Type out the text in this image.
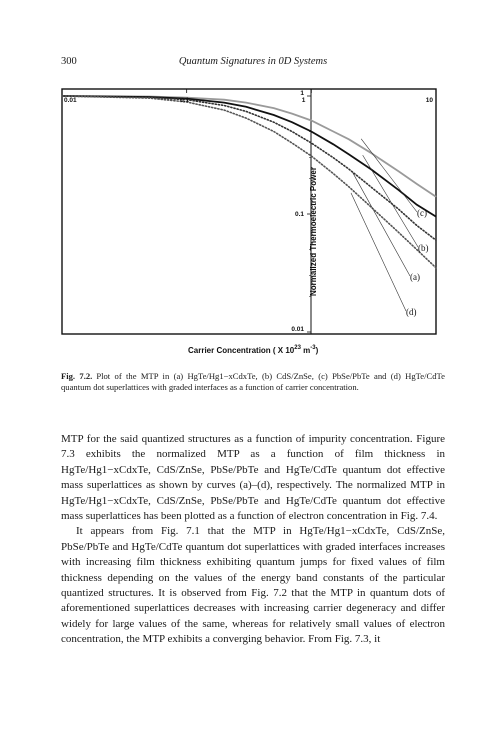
300	Quantum Signatures in 0D Systems
(c)
(b)
(a)
(d)
0.01	0.1	1	10
1
0.1
0.01
Normalized Thermoelectric Power
Carrier Concentration ( X $10^{23}$ $m^{-3}$)
Fig. 7.2. Plot of the MTP in (a) HgTe/Hg1−xCdxTe, (b) CdS/ZnSe, (c) PbSe/PbTe and (d) HgTe/CdTe quantum dot superlattices with graded interfaces as a function of carrier concentration.

MTP for the said quantized structures as a function of impurity concentration. Figure 7.3 exhibits the normalized MTP as a function of film thickness in HgTe/Hg1−xCdxTe, CdS/ZnSe, PbSe/PbTe and HgTe/CdTe quantum dot effective mass superlattices as shown by curves (a)–(d), respectively. The normalized MTP in HgTe/Hg1−xCdxTe, CdS/ZnSe, PbSe/PbTe and HgTe/CdTe quantum dot effective mass superlattices has been plotted as a function of electron concentration in Fig. 7.4.

It appears from Fig. 7.1 that the MTP in HgTe/Hg1−xCdxTe, CdS/ZnSe, PbSe/PbTe and HgTe/CdTe quantum dot superlattices with graded interfaces increases with increasing film thickness exhibiting quantum jumps for fixed values of film thickness depending on the values of the energy band constants of the particular quantized structures. It is observed from Fig. 7.2 that the MTP in quantum dots of aforementioned superlattices decreases with increasing carrier degeneracy and differ widely for large values of the same, whereas for relatively small values of electron concentration, the MTP exhibits a converging behavior. From Fig. 7.3, it
